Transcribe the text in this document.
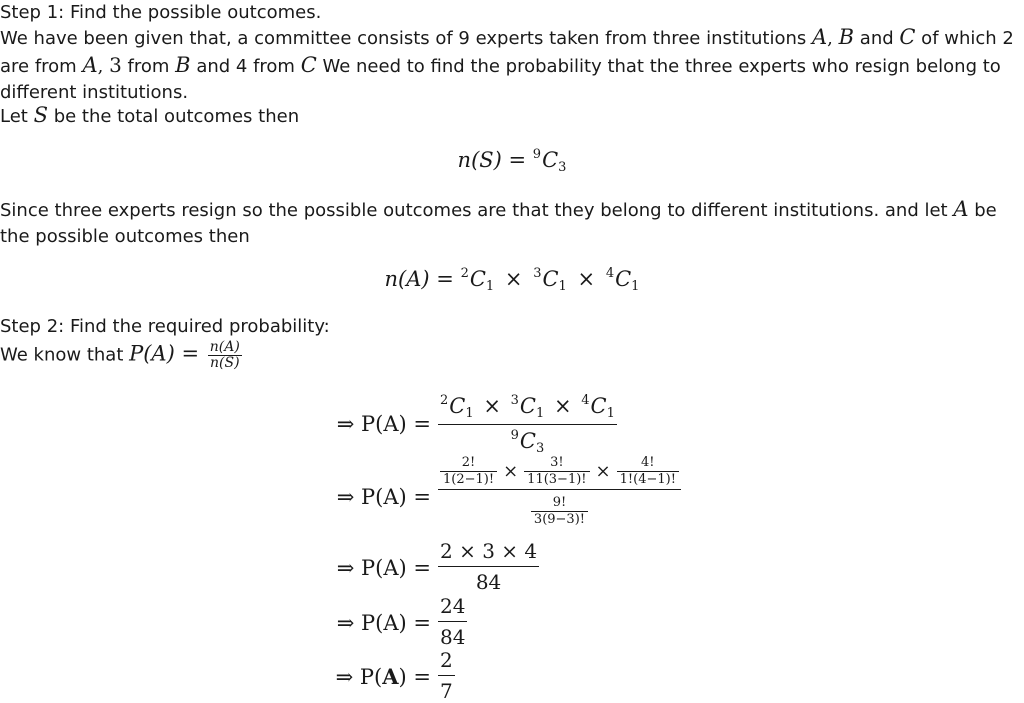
Step 1: Find the possible outcomes.

We have been given that, a committee consists of 9 experts taken from three institutions A, B and C of which 2 are from A, 3 from B and 4 from C We need to find the probability that the three experts who resign belong to different institutions.

Let S be the total outcomes then

$n(S) = ^9C_3$

Since three experts resign so the possible outcomes are that they belong to different institutions. and let A be the possible outcomes then

$n(A) = ^2C_1 \times ^3C_1 \times ^4C_1$

Step 2: Find the required probability:

We know that $P(A) = \frac{n(A)}{n(S)}$

⇒ $P(A) = \frac{^2C_1 \times ^3C_1 \times ^4C_1}{^9C_3}$
⇒ $P(A) = \frac{\frac{2!}{1(2-1)!} \times \frac{3!}{11(3-1)!} \times \frac{4!}{1!(4-1)!}}{\frac{9!}{3(9-3)!}}$
⇒ $P(A) = \frac{2 \times 3 \times 4}{84}$
⇒ $P(A) = \frac{24}{84}$
⇒ $P(A) = \frac{2}{7}$
